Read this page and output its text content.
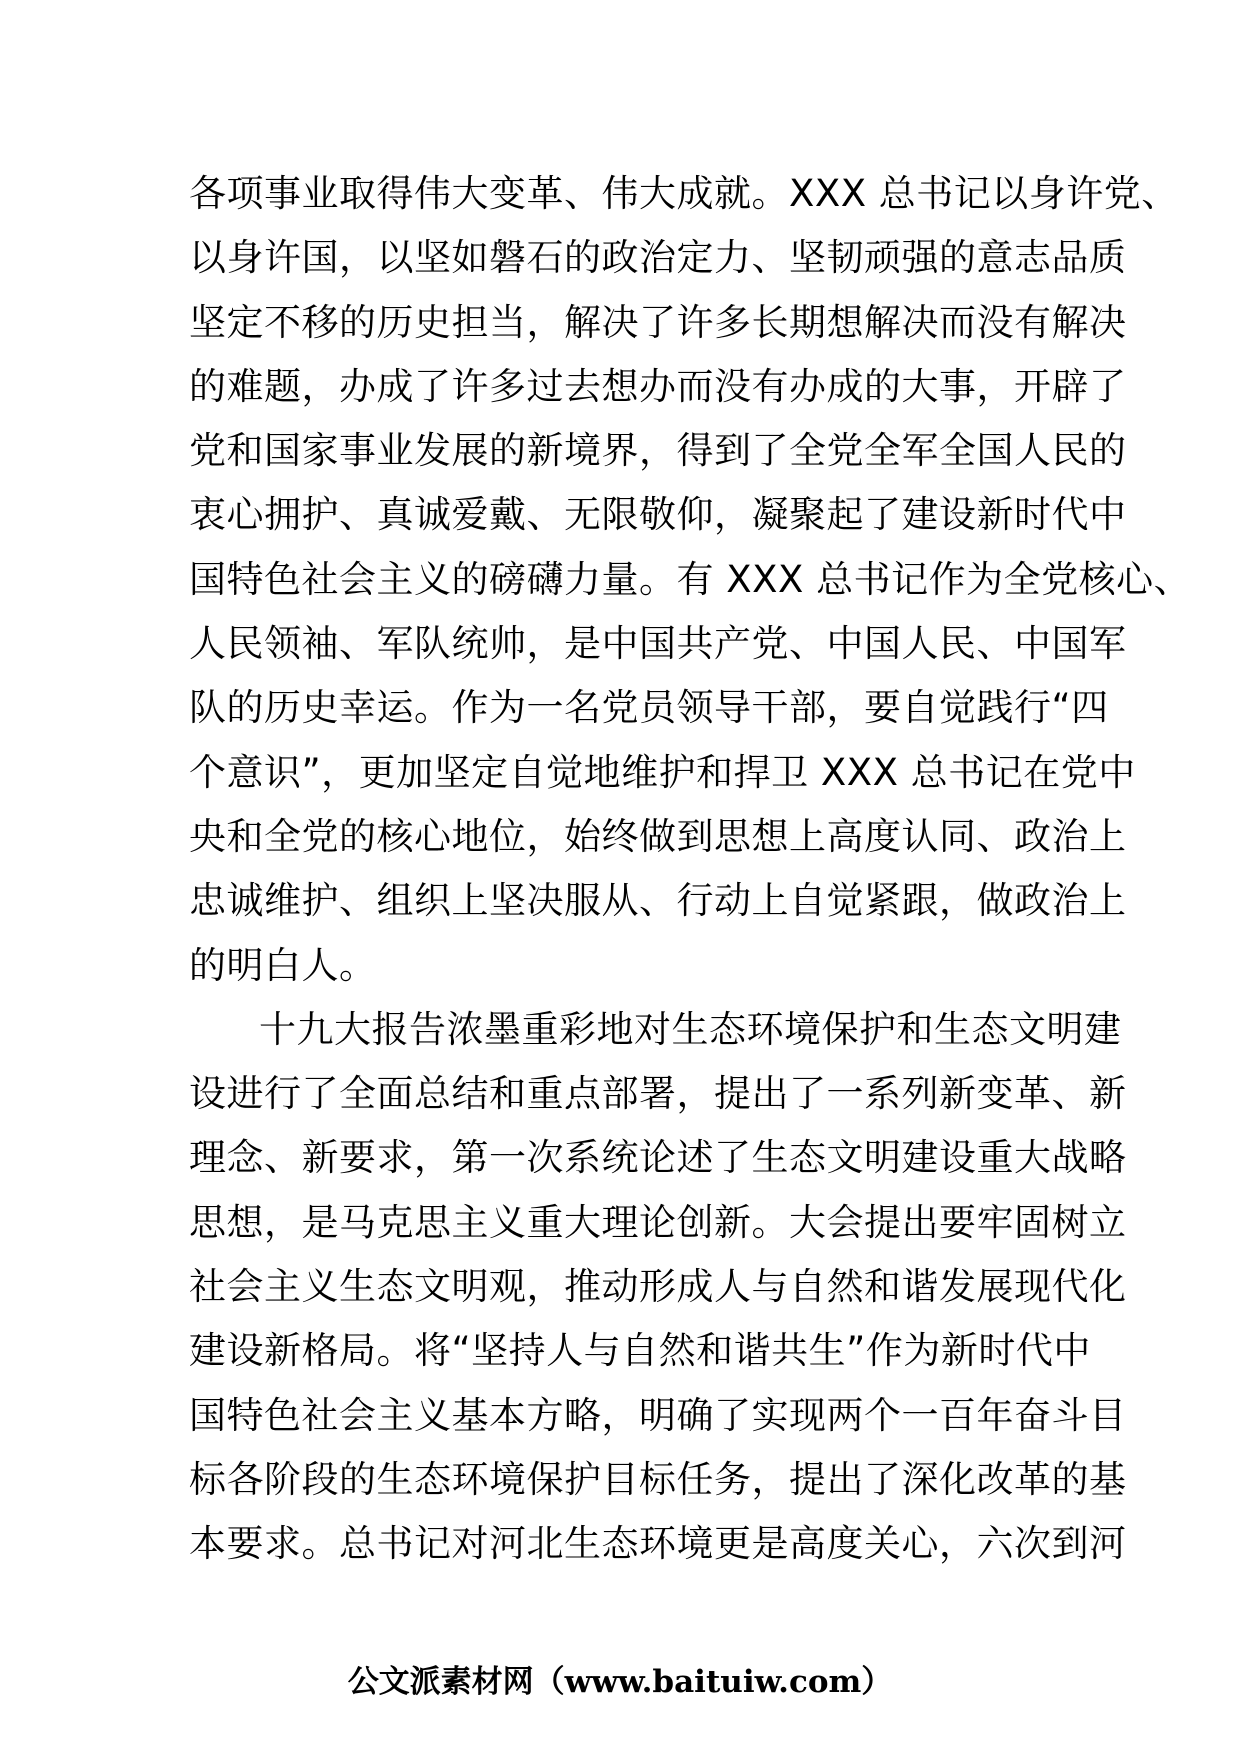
各项事业取得伟大变革、伟大成就。XXX 总书记以身许党、
以身许国，以坚如磐石的政治定力、坚韧顽强的意志品质
坚定不移的历史担当，解决了许多长期想解决而没有解决
的难题，办成了许多过去想办而没有办成的大事，开辟了
党和国家事业发展的新境界，得到了全党全军全国人民的
衷心拥护、真诚爱戴、无限敬仰，凝聚起了建设新时代中
国特色社会主义的磅礴力量。有 XXX 总书记作为全党核心、
人民领袖、军队统帅，是中国共产党、中国人民、中国军
队的历史幸运。作为一名党员领导干部，要自觉践行“四
个意识”，更加坚定自觉地维护和捍卫 XXX 总书记在党中
央和全党的核心地位，始终做到思想上高度认同、政治上
忠诚维护、组织上坚决服从、行动上自觉紧跟，做政治上
的明白人。
十九大报告浓墨重彩地对生态环境保护和生态文明建
设进行了全面总结和重点部署，提出了一系列新变革、新
理念、新要求，第一次系统论述了生态文明建设重大战略
思想，是马克思主义重大理论创新。大会提出要牢固树立
社会主义生态文明观，推动形成人与自然和谐发展现代化
建设新格局。将“坚持人与自然和谐共生”作为新时代中
国特色社会主义基本方略，明确了实现两个一百年奋斗目
标各阶段的生态环境保护目标任务，提出了深化改革的基
本要求。总书记对河北生态环境更是高度关心，六次到河
公文派素材网（www.baituiw.com）
